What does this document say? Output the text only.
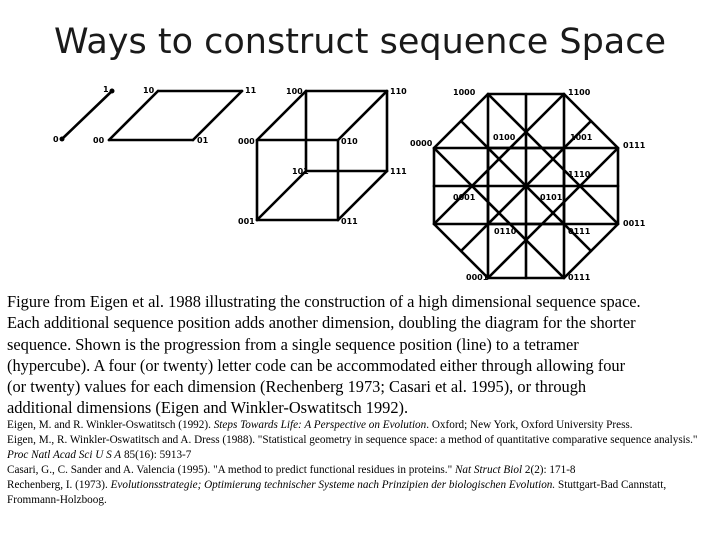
Ways to construct sequence Space
1
0
10	11
00	01
100	110
000	010
101	111
001	011
1000	1100
0000
0100	1001
1110
0001	0101
0110
0011
0111
0111
0001
0111
Figure from Eigen et al. 1988 illustrating the construction of a high dimensional sequence space.
Each additional sequence position adds another dimension, doubling the diagram for the shorter
sequence. Shown is the progression from a single sequence position (line) to a tetramer
(hypercube). A four (or twenty) letter code can be accommodated either through allowing four
(or twenty) values for each dimension (Rechenberg 1973; Casari et al. 1995), or through
additional dimensions (Eigen and Winkler-Oswatitsch 1992).
Eigen, M. and R. Winkler-Oswatitsch (1992). Steps Towards Life: A Perspective on Evolution. Oxford; New York, Oxford University Press.
Eigen, M., R. Winkler-Oswatitsch and A. Dress (1988). "Statistical geometry in sequence space: a method of quantitative comparative sequence analysis." Proc Natl Acad Sci U S A 85(16): 5913-7
Casari, G., C. Sander and A. Valencia (1995). "A method to predict functional residues in proteins." Nat Struct Biol 2(2): 171-8
Rechenberg, I. (1973). Evolutionsstrategie; Optimierung technischer Systeme nach Prinzipien der biologischen Evolution. Stuttgart-Bad Cannstatt, Frommann-Holzboog.
